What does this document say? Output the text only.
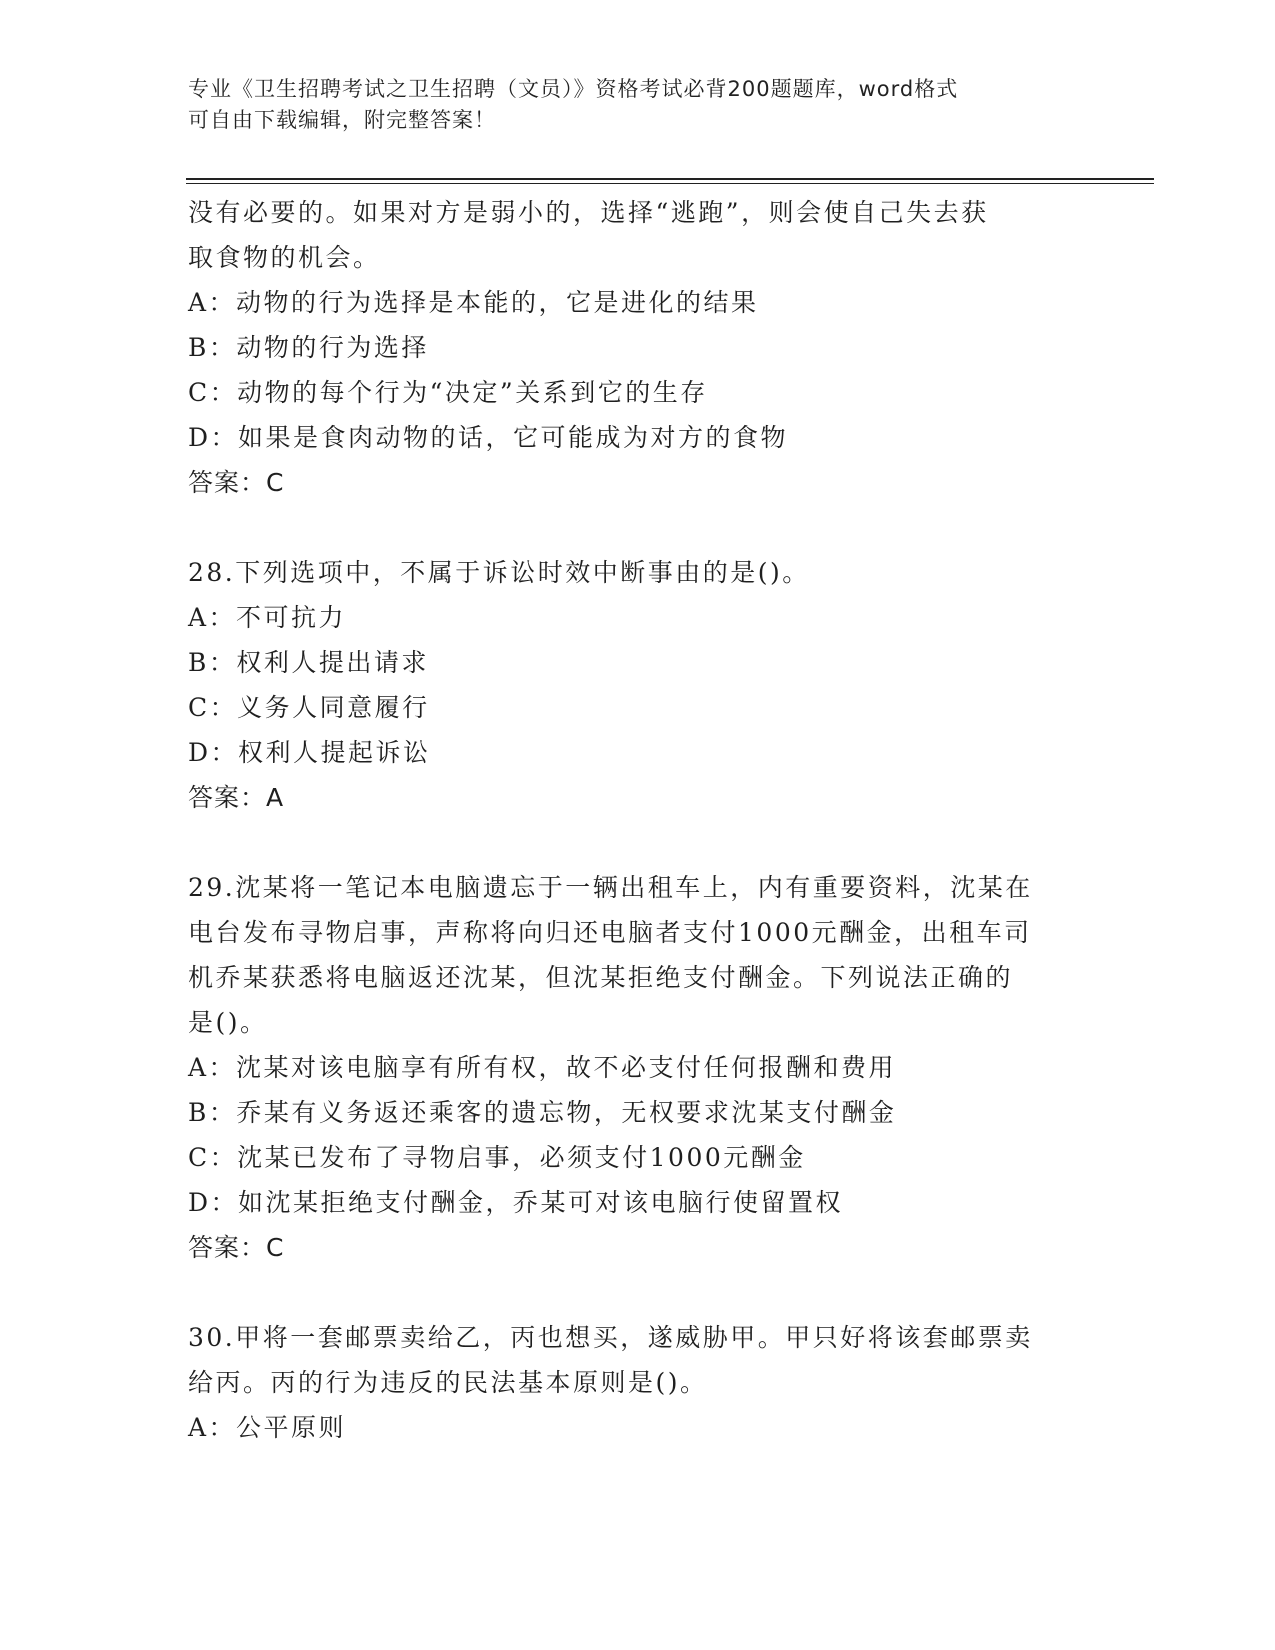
专业《卫生招聘考试之卫生招聘（文员）》资格考试必背200题题库，word格式
可自由下载编辑，附完整答案！
没有必要的。如果对方是弱小的，选择“逃跑”，则会使自己失去获
取食物的机会。
A：动物的行为选择是本能的，它是进化的结果
B：动物的行为选择
C：动物的每个行为“决定”关系到它的生存
D：如果是食肉动物的话，它可能成为对方的食物
答案：C
28.下列选项中，不属于诉讼时效中断事由的是()。
A：不可抗力
B：权利人提出请求
C：义务人同意履行
D：权利人提起诉讼
答案：A
29.沈某将一笔记本电脑遗忘于一辆出租车上，内有重要资料，沈某在
电台发布寻物启事，声称将向归还电脑者支付1000元酬金，出租车司
机乔某获悉将电脑返还沈某，但沈某拒绝支付酬金。下列说法正确的
是()。
A：沈某对该电脑享有所有权，故不必支付任何报酬和费用
B：乔某有义务返还乘客的遗忘物，无权要求沈某支付酬金
C：沈某已发布了寻物启事，必须支付1000元酬金
D：如沈某拒绝支付酬金，乔某可对该电脑行使留置权
答案：C
30.甲将一套邮票卖给乙，丙也想买，遂威胁甲。甲只好将该套邮票卖
给丙。丙的行为违反的民法基本原则是()。
A：公平原则
